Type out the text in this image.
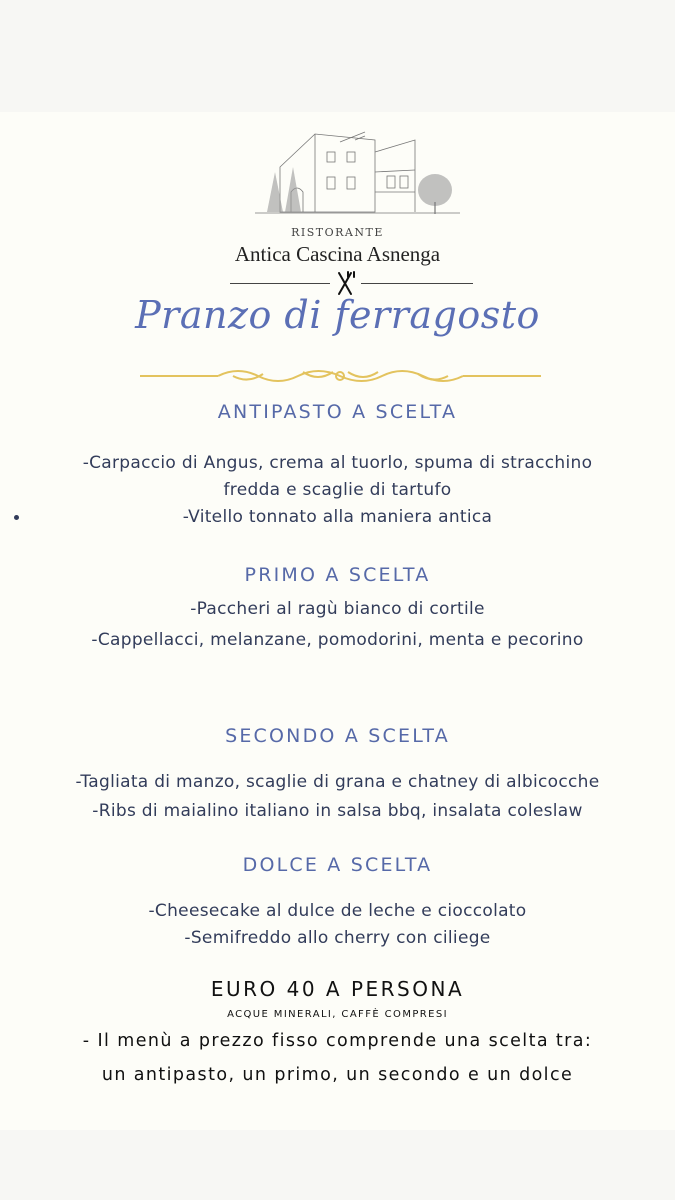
RISTORANTE
Antica Cascina Asnenga
Pranzo di ferragosto
ANTIPASTO A SCELTA
-Carpaccio di Angus, crema al tuorlo, spuma di stracchino
fredda e scaglie di tartufo
-Vitello tonnato alla maniera antica
PRIMO A SCELTA
-Paccheri al ragù bianco di cortile
-Cappellacci, melanzane, pomodorini, menta e pecorino
SECONDO A SCELTA
-Tagliata di manzo, scaglie di grana e chatney di albicocche
-Ribs di maialino italiano in salsa bbq, insalata coleslaw
DOLCE A SCELTA
-Cheesecake al dulce de leche e cioccolato
-Semifreddo allo cherry con ciliege
EURO 40 A PERSONA
ACQUE MINERALI, CAFFÈ COMPRESI
- Il menù a prezzo fisso comprende una scelta tra:
un antipasto, un primo, un secondo e un dolce
